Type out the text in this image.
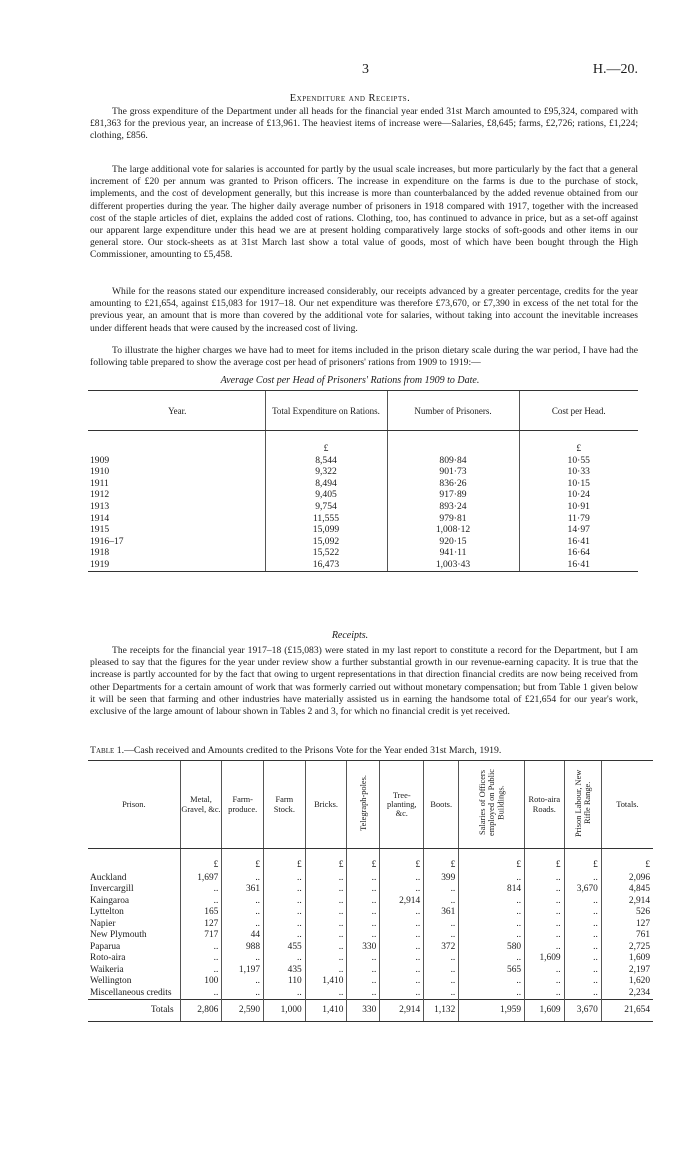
3	H.—20.
Expenditure and Receipts.

The gross expenditure of the Department under all heads for the financial year ended 31st March amounted to £95,324, compared with £81,363 for the previous year, an increase of £13,961. The heaviest items of increase were—Salaries, £8,645; farms, £2,726; rations, £1,224; clothing, £856.

The large additional vote for salaries is accounted for partly by the usual scale increases, but more particularly by the fact that a general increment of £20 per annum was granted to Prison officers. The increase in expenditure on the farms is due to the purchase of stock, implements, and the cost of development generally, but this increase is more than counterbalanced by the added revenue obtained from our different properties during the year. The higher daily average number of prisoners in 1918 compared with 1917, together with the increased cost of the staple articles of diet, explains the added cost of rations. Clothing, too, has continued to advance in price, but as a set-off against our apparent large expenditure under this head we are at present holding comparatively large stocks of soft-goods and other items in our general store. Our stock-sheets as at 31st March last show a total value of goods, most of which have been bought through the High Commissioner, amounting to £5,458.

While for the reasons stated our expenditure increased considerably, our receipts advanced by a greater percentage, credits for the year amounting to £21,654, against £15,083 for 1917–18. Our net expenditure was therefore £73,670, or £7,390 in excess of the net total for the previous year, an amount that is more than covered by the additional vote for salaries, without taking into account the inevitable increases under different heads that were caused by the increased cost of living.

To illustrate the higher charges we have had to meet for items included in the prison dietary scale during the war period, I have had the following table prepared to show the average cost per head of prisoners' rations from 1909 to 1919:—

Average Cost per Head of Prisoners' Rations from 1909 to Date.
Year.	Total Expenditure on Rations.	Number of Prisoners.	Cost per Head.
	£		£
1909	8,544	809·84	10·55
1910	9,322	901·73	10·33
1911	8,494	836·26	10·15
1912	9,405	917·89	10·24
1913	9,754	893·24	10·91
1914	11,555	979·81	11·79
1915	15,099	1,008·12	14·97
1916–17	15,092	920·15	16·41
1918	15,522	941·11	16·64
1919	16,473	1,003·43	16·41
Receipts.

The receipts for the financial year 1917–18 (£15,083) were stated in my last report to constitute a record for the Department, but I am pleased to say that the figures for the year under review show a further substantial growth in our revenue-earning capacity. It is true that the increase is partly accounted for by the fact that owing to urgent representations in that direction financial credits are now being received from other Departments for a certain amount of work that was formerly carried out without monetary compensation; but from Table 1 given below it will be seen that farming and other industries have materially assisted us in earning the handsome total of £21,654 for our year's work, exclusive of the large amount of labour shown in Tables 2 and 3, for which no financial credit is yet received.

Table 1.—Cash received and Amounts credited to the Prisons Vote for the Year ended 31st March, 1919.
Prison.	Metal, Gravel, &c.	Farm-produce.	Farm Stock.	Bricks.	Telegraph-poles.	Tree-planting, &c.	Boots.	Salaries of Officers employed on Public Buildings.	Roto-aira Roads.	Prison Labour, New Rifle Range.	Totals.
	£	£	£	£	£	£	£	£	£	£	£
Auckland	1,697	..	..	..	..	..	399	..	..	..	2,096
Invercargill	..	361	..	..	..	..	..	814	..	3,670	4,845
Kaingaroa	..	..	..	..	..	2,914	..	..	..	..	2,914
Lyttelton	165	..	..	..	..	..	361	..	..	..	526
Napier	127	..	..	..	..	..	..	..	..	..	127
New Plymouth	717	44	..	..	..	..	..	..	..	..	761
Paparua	..	988	455	..	330	..	372	580	..	..	2,725
Roto-aira	..	..	..	..	..	..	..	..	1,609	..	1,609
Waikeria	..	1,197	435	..	..	..	..	565	..	..	2,197
Wellington	100	..	110	1,410	..	..	..	..	..	..	1,620
Miscellaneous credits	..	..	..	..	..	..	..	..	..	..	2,234
Totals	2,806	2,590	1,000	1,410	330	2,914	1,132	1,959	1,609	3,670	21,654
